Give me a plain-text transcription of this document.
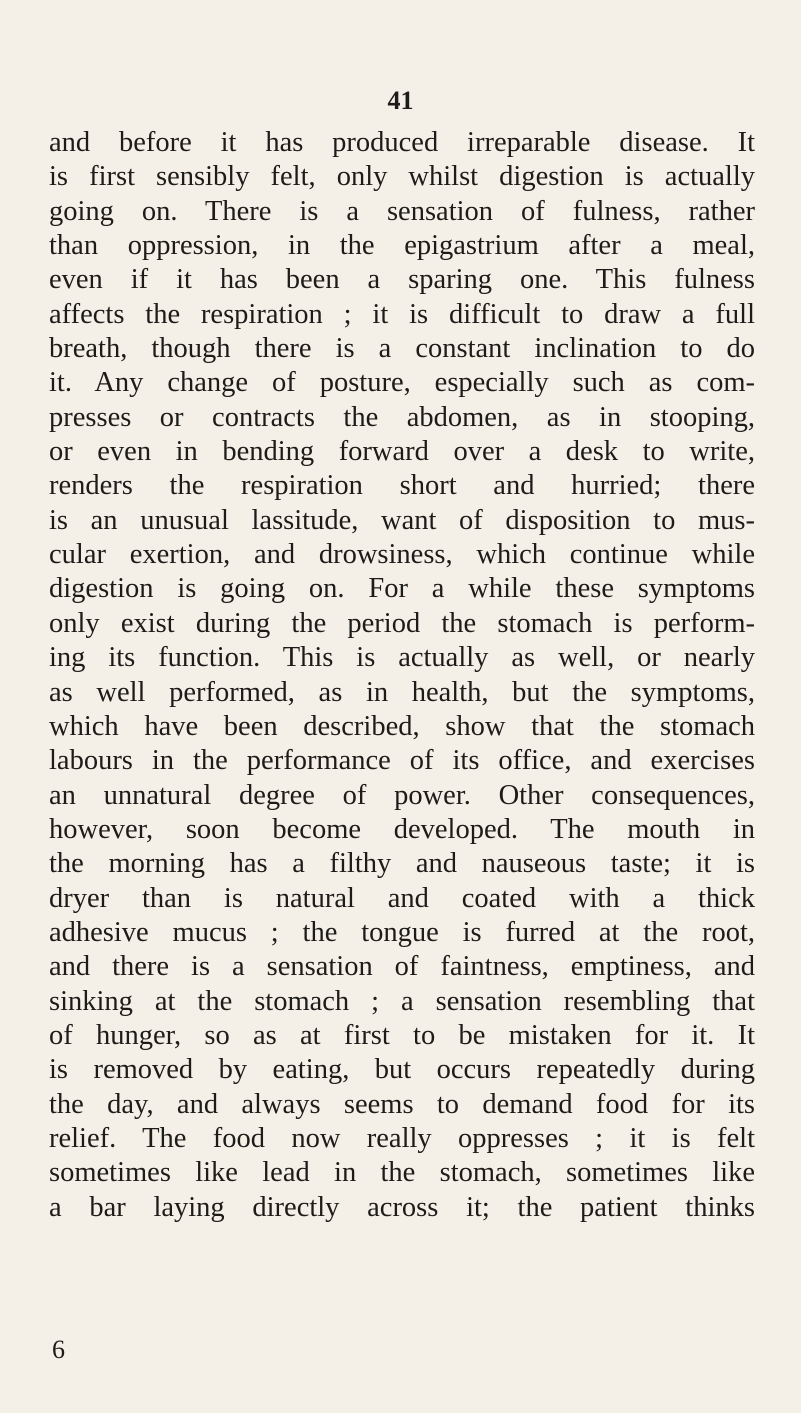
41
and before it has produced irreparable disease. It
is first sensibly felt, only whilst digestion is actually
going on. There is a sensation of fulness, rather
than oppression, in the epigastrium after a meal,
even if it has been a sparing one. This fulness
affects the respiration ; it is difficult to draw a full
breath, though there is a constant inclination to do
it. Any change of posture, especially such as com-
presses or contracts the abdomen, as in stooping,
or even in bending forward over a desk to write,
renders the respiration short and hurried; there
is an unusual lassitude, want of disposition to mus-
cular exertion, and drowsiness, which continue while
digestion is going on. For a while these symptoms
only exist during the period the stomach is perform-
ing its function. This is actually as well, or nearly
as well performed, as in health, but the symptoms,
which have been described, show that the stomach
labours in the performance of its office, and exercises
an unnatural degree of power. Other consequences,
however, soon become developed. The mouth in
the morning has a filthy and nauseous taste; it is
dryer than is natural and coated with a thick
adhesive mucus ; the tongue is furred at the root,
and there is a sensation of faintness, emptiness, and
sinking at the stomach ; a sensation resembling that
of hunger, so as at first to be mistaken for it. It
is removed by eating, but occurs repeatedly during
the day, and always seems to demand food for its
relief. The food now really oppresses ; it is felt
sometimes like lead in the stomach, sometimes like
a bar laying directly across it; the patient thinks
6
